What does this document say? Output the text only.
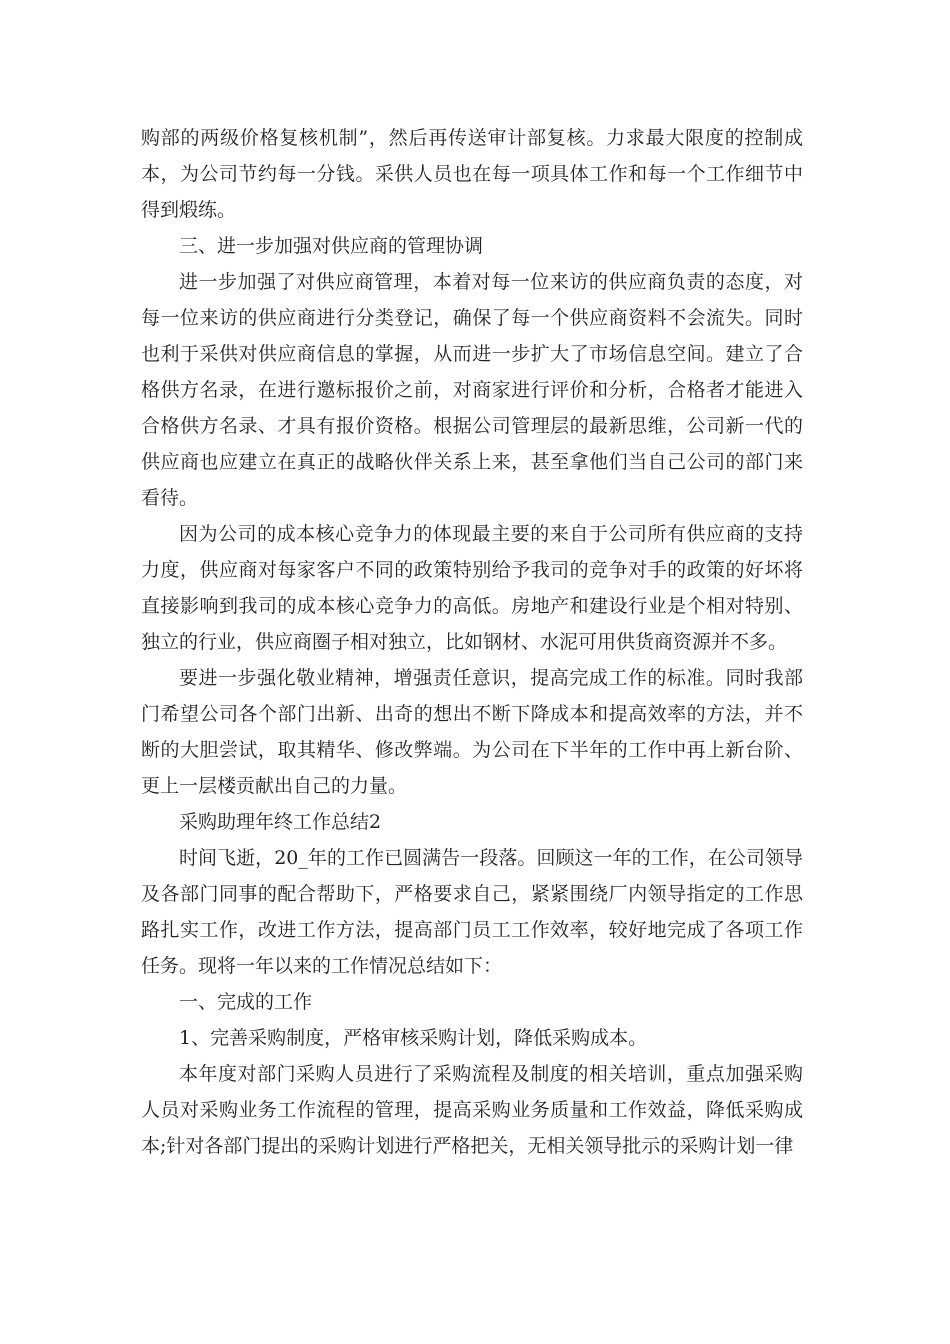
购部的两级价格复核机制”，然后再传送审计部复核。力求最大限度的控制成本，为公司节约每一分钱。采供人员也在每一项具体工作和每一个工作细节中得到煅练。

三、进一步加强对供应商的管理协调

进一步加强了对供应商管理，本着对每一位来访的供应商负责的态度，对每一位来访的供应商进行分类登记，确保了每一个供应商资料不会流失。同时也利于采供对供应商信息的掌握，从而进一步扩大了市场信息空间。建立了合格供方名录，在进行邀标报价之前，对商家进行评价和分析，合格者才能进入合格供方名录、才具有报价资格。根据公司管理层的最新思维，公司新一代的供应商也应建立在真正的战略伙伴关系上来，甚至拿他们当自己公司的部门来看待。

因为公司的成本核心竞争力的体现最主要的来自于公司所有供应商的支持力度，供应商对每家客户不同的政策特别给予我司的竞争对手的政策的好坏将直接影响到我司的成本核心竞争力的高低。房地产和建设行业是个相对特别、独立的行业，供应商圈子相对独立，比如钢材、水泥可用供货商资源并不多。

要进一步强化敬业精神，增强责任意识，提高完成工作的标准。同时我部门希望公司各个部门出新、出奇的想出不断下降成本和提高效率的方法，并不断的大胆尝试，取其精华、修改弊端。为公司在下半年的工作中再上新台阶、更上一层楼贡献出自己的力量。

采购助理年终工作总结2

时间飞逝，20_年的工作已圆满告一段落。回顾这一年的工作，在公司领导及各部门同事的配合帮助下，严格要求自己，紧紧围绕厂内领导指定的工作思路扎实工作，改进工作方法，提高部门员工工作效率，较好地完成了各项工作任务。现将一年以来的工作情况总结如下：

一、完成的工作

1、完善采购制度，严格审核采购计划，降低采购成本。

本年度对部门采购人员进行了采购流程及制度的相关培训，重点加强采购人员对采购业务工作流程的管理，提高采购业务质量和工作效益，降低采购成本;针对各部门提出的采购计划进行严格把关，无相关领导批示的采购计划一律
